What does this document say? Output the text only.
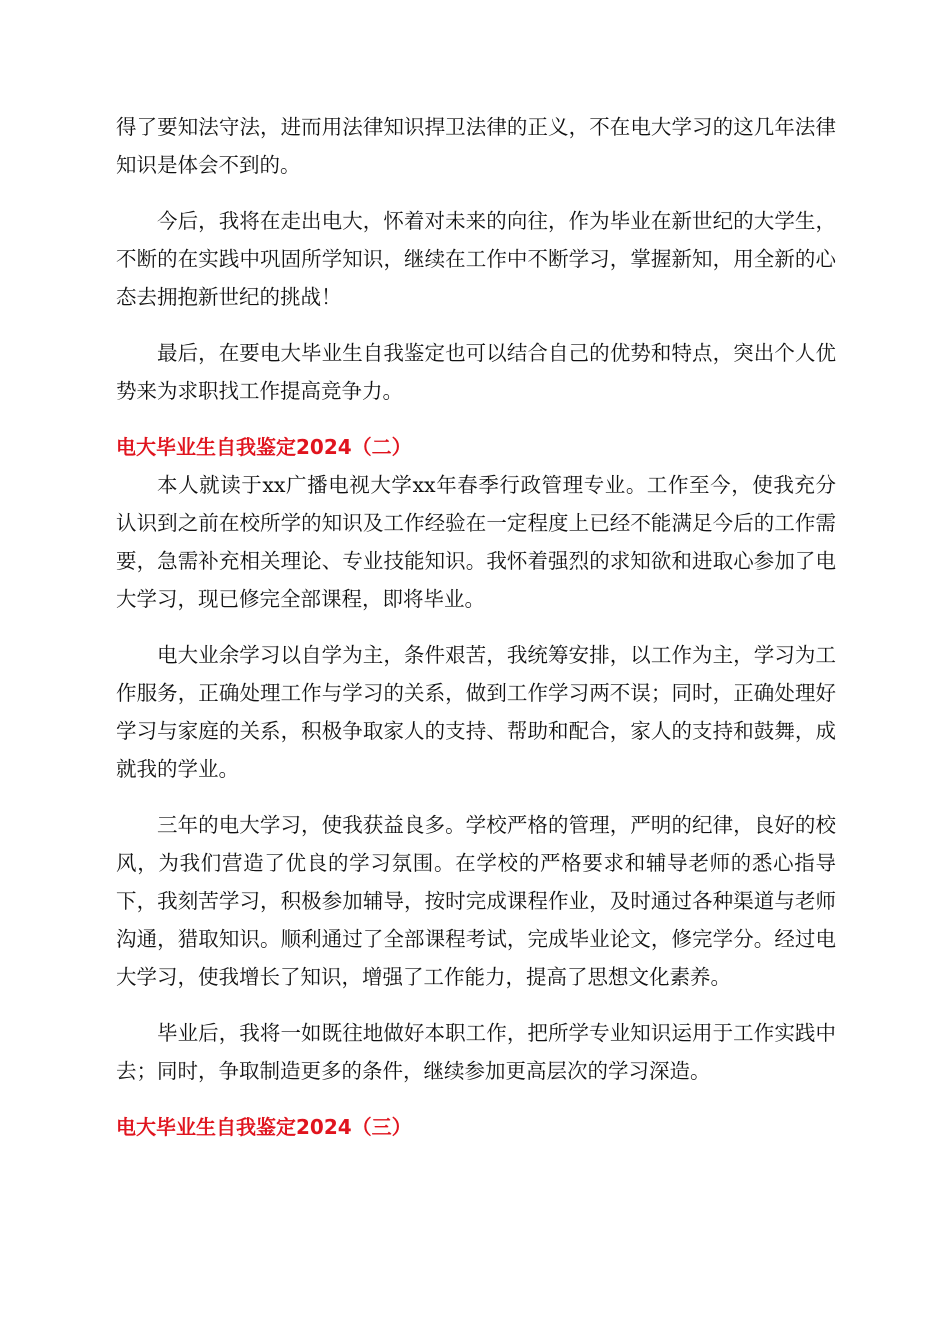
得了要知法守法，进而用法律知识捍卫法律的正义，不在电大学习的这几年法律知识是体会不到的。

今后，我将在走出电大，怀着对未来的向往，作为毕业在新世纪的大学生，不断的在实践中巩固所学知识，继续在工作中不断学习，掌握新知，用全新的心态去拥抱新世纪的挑战！

最后，在要电大毕业生自我鉴定也可以结合自己的优势和特点，突出个人优势来为求职找工作提高竞争力。

电大毕业生自我鉴定2024（二）

本人就读于xx广播电视大学xx年春季行政管理专业。工作至今，使我充分认识到之前在校所学的知识及工作经验在一定程度上已经不能满足今后的工作需要，急需补充相关理论、专业技能知识。我怀着强烈的求知欲和进取心参加了电大学习，现已修完全部课程，即将毕业。

电大业余学习以自学为主，条件艰苦，我统筹安排，以工作为主，学习为工作服务，正确处理工作与学习的关系，做到工作学习两不误；同时，正确处理好学习与家庭的关系，积极争取家人的支持、帮助和配合，家人的支持和鼓舞，成就我的学业。

三年的电大学习，使我获益良多。学校严格的管理，严明的纪律，良好的校风，为我们营造了优良的学习氛围。在学校的严格要求和辅导老师的悉心指导下，我刻苦学习，积极参加辅导，按时完成课程作业，及时通过各种渠道与老师沟通，猎取知识。顺利通过了全部课程考试，完成毕业论文，修完学分。经过电大学习，使我增长了知识，增强了工作能力，提高了思想文化素养。

毕业后，我将一如既往地做好本职工作，把所学专业知识运用于工作实践中去；同时，争取制造更多的条件，继续参加更高层次的学习深造。

电大毕业生自我鉴定2024（三）
